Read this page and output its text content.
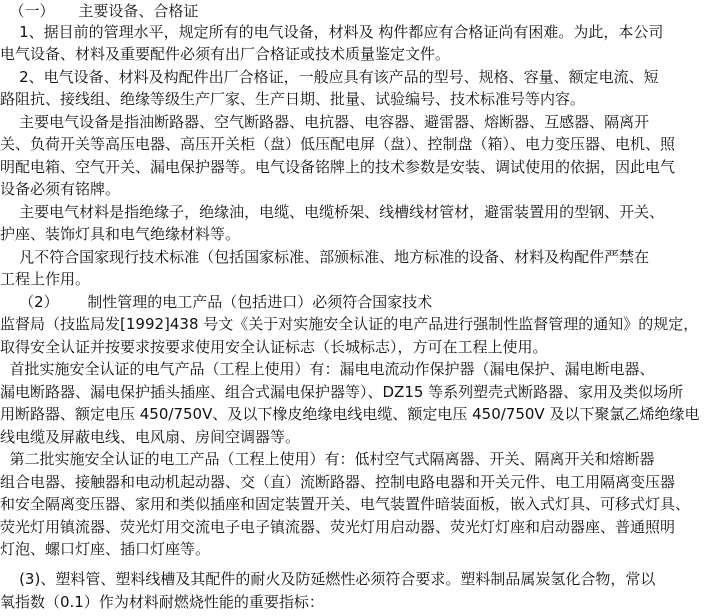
（一）     主要设备、合格证
1、据目前的管理水平，规定所有的电气设备，材料及 构件都应有合格证尚有困难。为此，本公司
电气设备、材料及重要配件必须有出厂合格证或技术质量鉴定文件。
2、电气设备、材料及构配件出厂合格证，一般应具有该产品的型号、规格、容量、额定电流、短
路阻抗、接线组、绝缘等级生产厂家、生产日期、批量、试验编号、技术标准号等内容。
主要电气设备是指油断路器、空气断路器、电抗器、电容器、避雷器、熔断器、互感器、隔离开
关、负荷开关等高压电器、高压开关柜（盘）低压配电屏（盘）、控制盘（箱）、电力变压器、电机、照
明配电箱、空气开关、漏电保护器等。电气设备铭牌上的技术参数是安装、调试使用的依据，因此电气
设备必须有铭牌。
主要电气材料是指绝缘子，绝缘油，电缆、电缆桥架、线槽线材管材，避雷装置用的型钢、开关、
护座、装饰灯具和电气绝缘材料等。
凡不符合国家现行技术标准（包括国家标准、部颁标准、地方标准的设备、材料及构配件严禁在
工程上作用。
（2）      制性管理的电工产品（包括进口）必须符合国家技术
监督局（技监局发[1992]438 号文《关于对实施安全认证的电产品进行强制性监督管理的通知》的规定，
取得安全认证并按要求按要求使用安全认证标志（长城标志），方可在工程上使用。
首批实施安全认证的电气产品（工程上使用）有：漏电电流动作保护器（漏电保护、漏电断电器、
漏电断路器、漏电保护插头插座、组合式漏电保护器等）、DZ15 等系列塑壳式断路器、家用及类似场所
用断路器、额定电压 450/750V、及以下橡皮绝缘电线电缆、额定电压 450/750V 及以下聚氯乙烯绝缘电
线电缆及屏蔽电线、电风扇、房间空调器等。
第二批实施安全认证的电工产品（工程上使用）有：低村空气式隔离器、开关、隔离开关和熔断器
组合电器、接触器和电动机起动器、交（直）流断路器、控制电路电器和开关元件、电工用隔离变压器
和安全隔离变压器、家用和类似插座和固定装置开关、电气装置件暗装面板，嵌入式灯具、可移式灯具、
荧光灯用镇流器、荧光灯用交流电子电子镇流器、荧光灯用启动器、荧光灯灯座和启动器座、普通照明
灯泡、螺口灯座、插口灯座等。
(3)、塑料管、塑料线槽及其配件的耐火及防延燃性必须符合要求。塑料制品属炭氢化合物，常以
氧指数（0.1）作为材料耐燃烧性能的重要指标：
